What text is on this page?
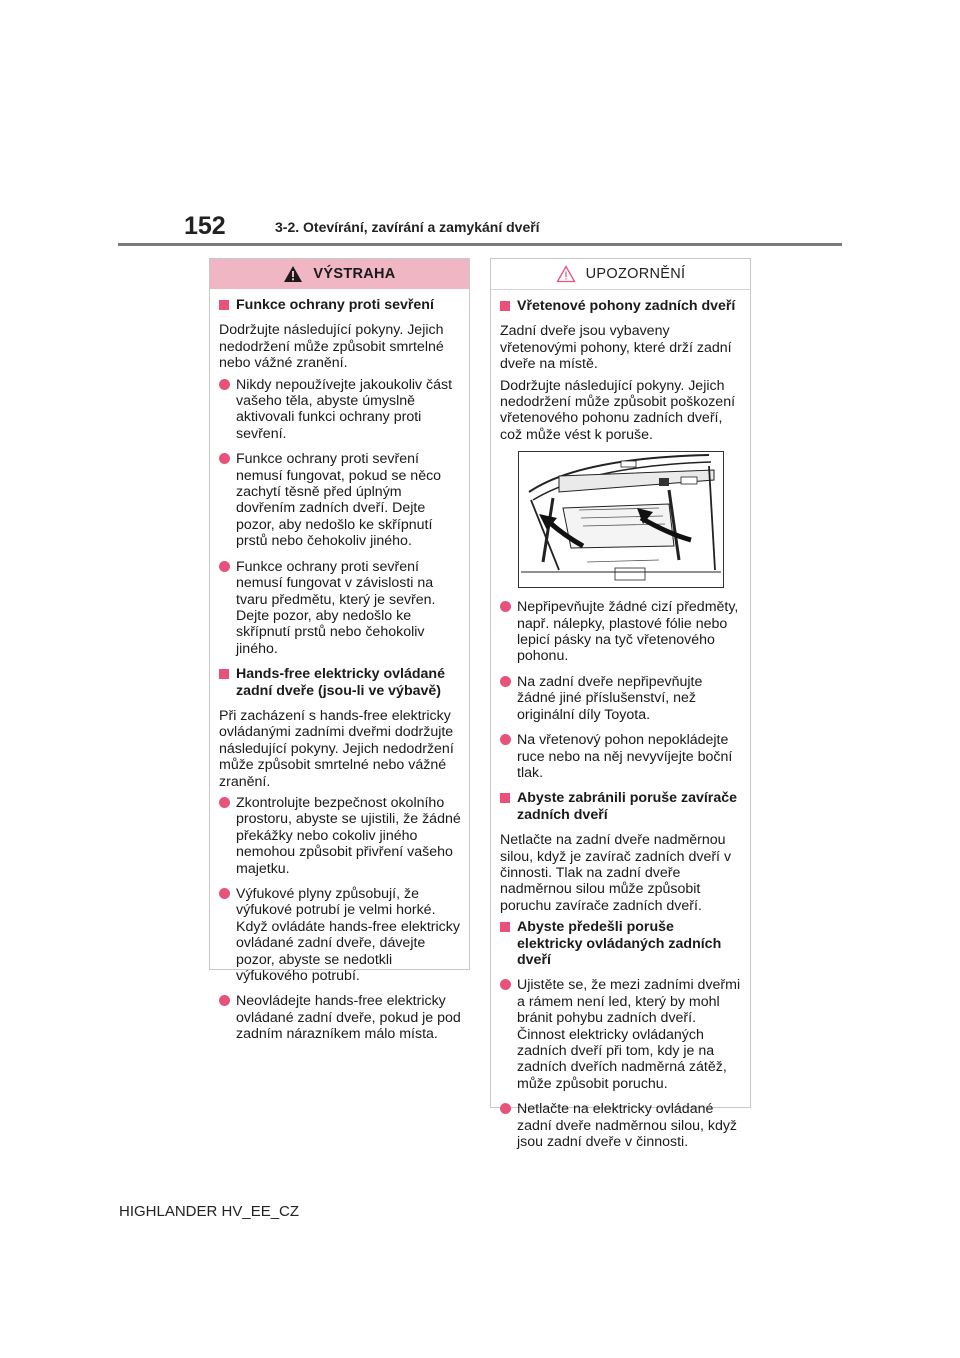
152	3-2. Otevírání, zavírání a zamykání dveří
VÝSTRAHA
Funkce ochrany proti sevření
Dodržujte následující pokyny. Jejich nedodržení může způsobit smrtelné nebo vážné zranění.
Nikdy nepoužívejte jakoukoliv část vašeho těla, abyste úmyslně aktivovali funkci ochrany proti sevření.
Funkce ochrany proti sevření nemusí fungovat, pokud se něco zachytí těsně před úplným dovřením zadních dveří. Dejte pozor, aby nedošlo ke skřípnutí prstů nebo čehokoliv jiného.
Funkce ochrany proti sevření nemusí fungovat v závislosti na tvaru předmětu, který je sevřen. Dejte pozor, aby nedošlo ke skřípnutí prstů nebo čehokoliv jiného.
Hands-free elektricky ovládané zadní dveře (jsou-li ve výbavě)
Při zacházení s hands-free elektricky ovládanými zadními dveřmi dodržujte následující pokyny. Jejich nedodržení může způsobit smrtelné nebo vážné zranění.
Zkontrolujte bezpečnost okolního prostoru, abyste se ujistili, že žádné překážky nebo cokoliv jiného nemohou způsobit přivření vašeho majetku.
Výfukové plyny způsobují, že výfukové potrubí je velmi horké. Když ovládáte hands-free elektricky ovládané zadní dveře, dávejte pozor, abyste se nedotkli výfukového potrubí.
Neovládejte hands-free elektricky ovládané zadní dveře, pokud je pod zadním nárazníkem málo místa.
UPOZORNĚNÍ
Vřetenové pohony zadních dveří
Zadní dveře jsou vybaveny vřetenovými pohony, které drží zadní dveře na místě.
Dodržujte následující pokyny. Jejich nedodržení může způsobit poškození vřetenového pohonu zadních dveří, což může vést k poruše.
Nepřipevňujte žádné cizí předměty, např. nálepky, plastové fólie nebo lepicí pásky na tyč vřetenového pohonu.
Na zadní dveře nepřipevňujte žádné jiné příslušenství, než originální díly Toyota.
Na vřetenový pohon nepokládejte ruce nebo na něj nevyvíjejte boční tlak.
Abyste zabránili poruše zavírače zadních dveří
Netlačte na zadní dveře nadměrnou silou, když je zavírač zadních dveří v činnosti. Tlak na zadní dveře nadměrnou silou může způsobit poruchu zavírače zadních dveří.
Abyste předešli poruše elektricky ovládaných zadních dveří
Ujistěte se, že mezi zadními dveřmi a rámem není led, který by mohl bránit pohybu zadních dveří. Činnost elektricky ovládaných zadních dveří při tom, kdy je na zadních dveřích nadměrná zátěž, může způsobit poruchu.
Netlačte na elektricky ovládané zadní dveře nadměrnou silou, když jsou zadní dveře v činnosti.
HIGHLANDER HV_EE_CZ
